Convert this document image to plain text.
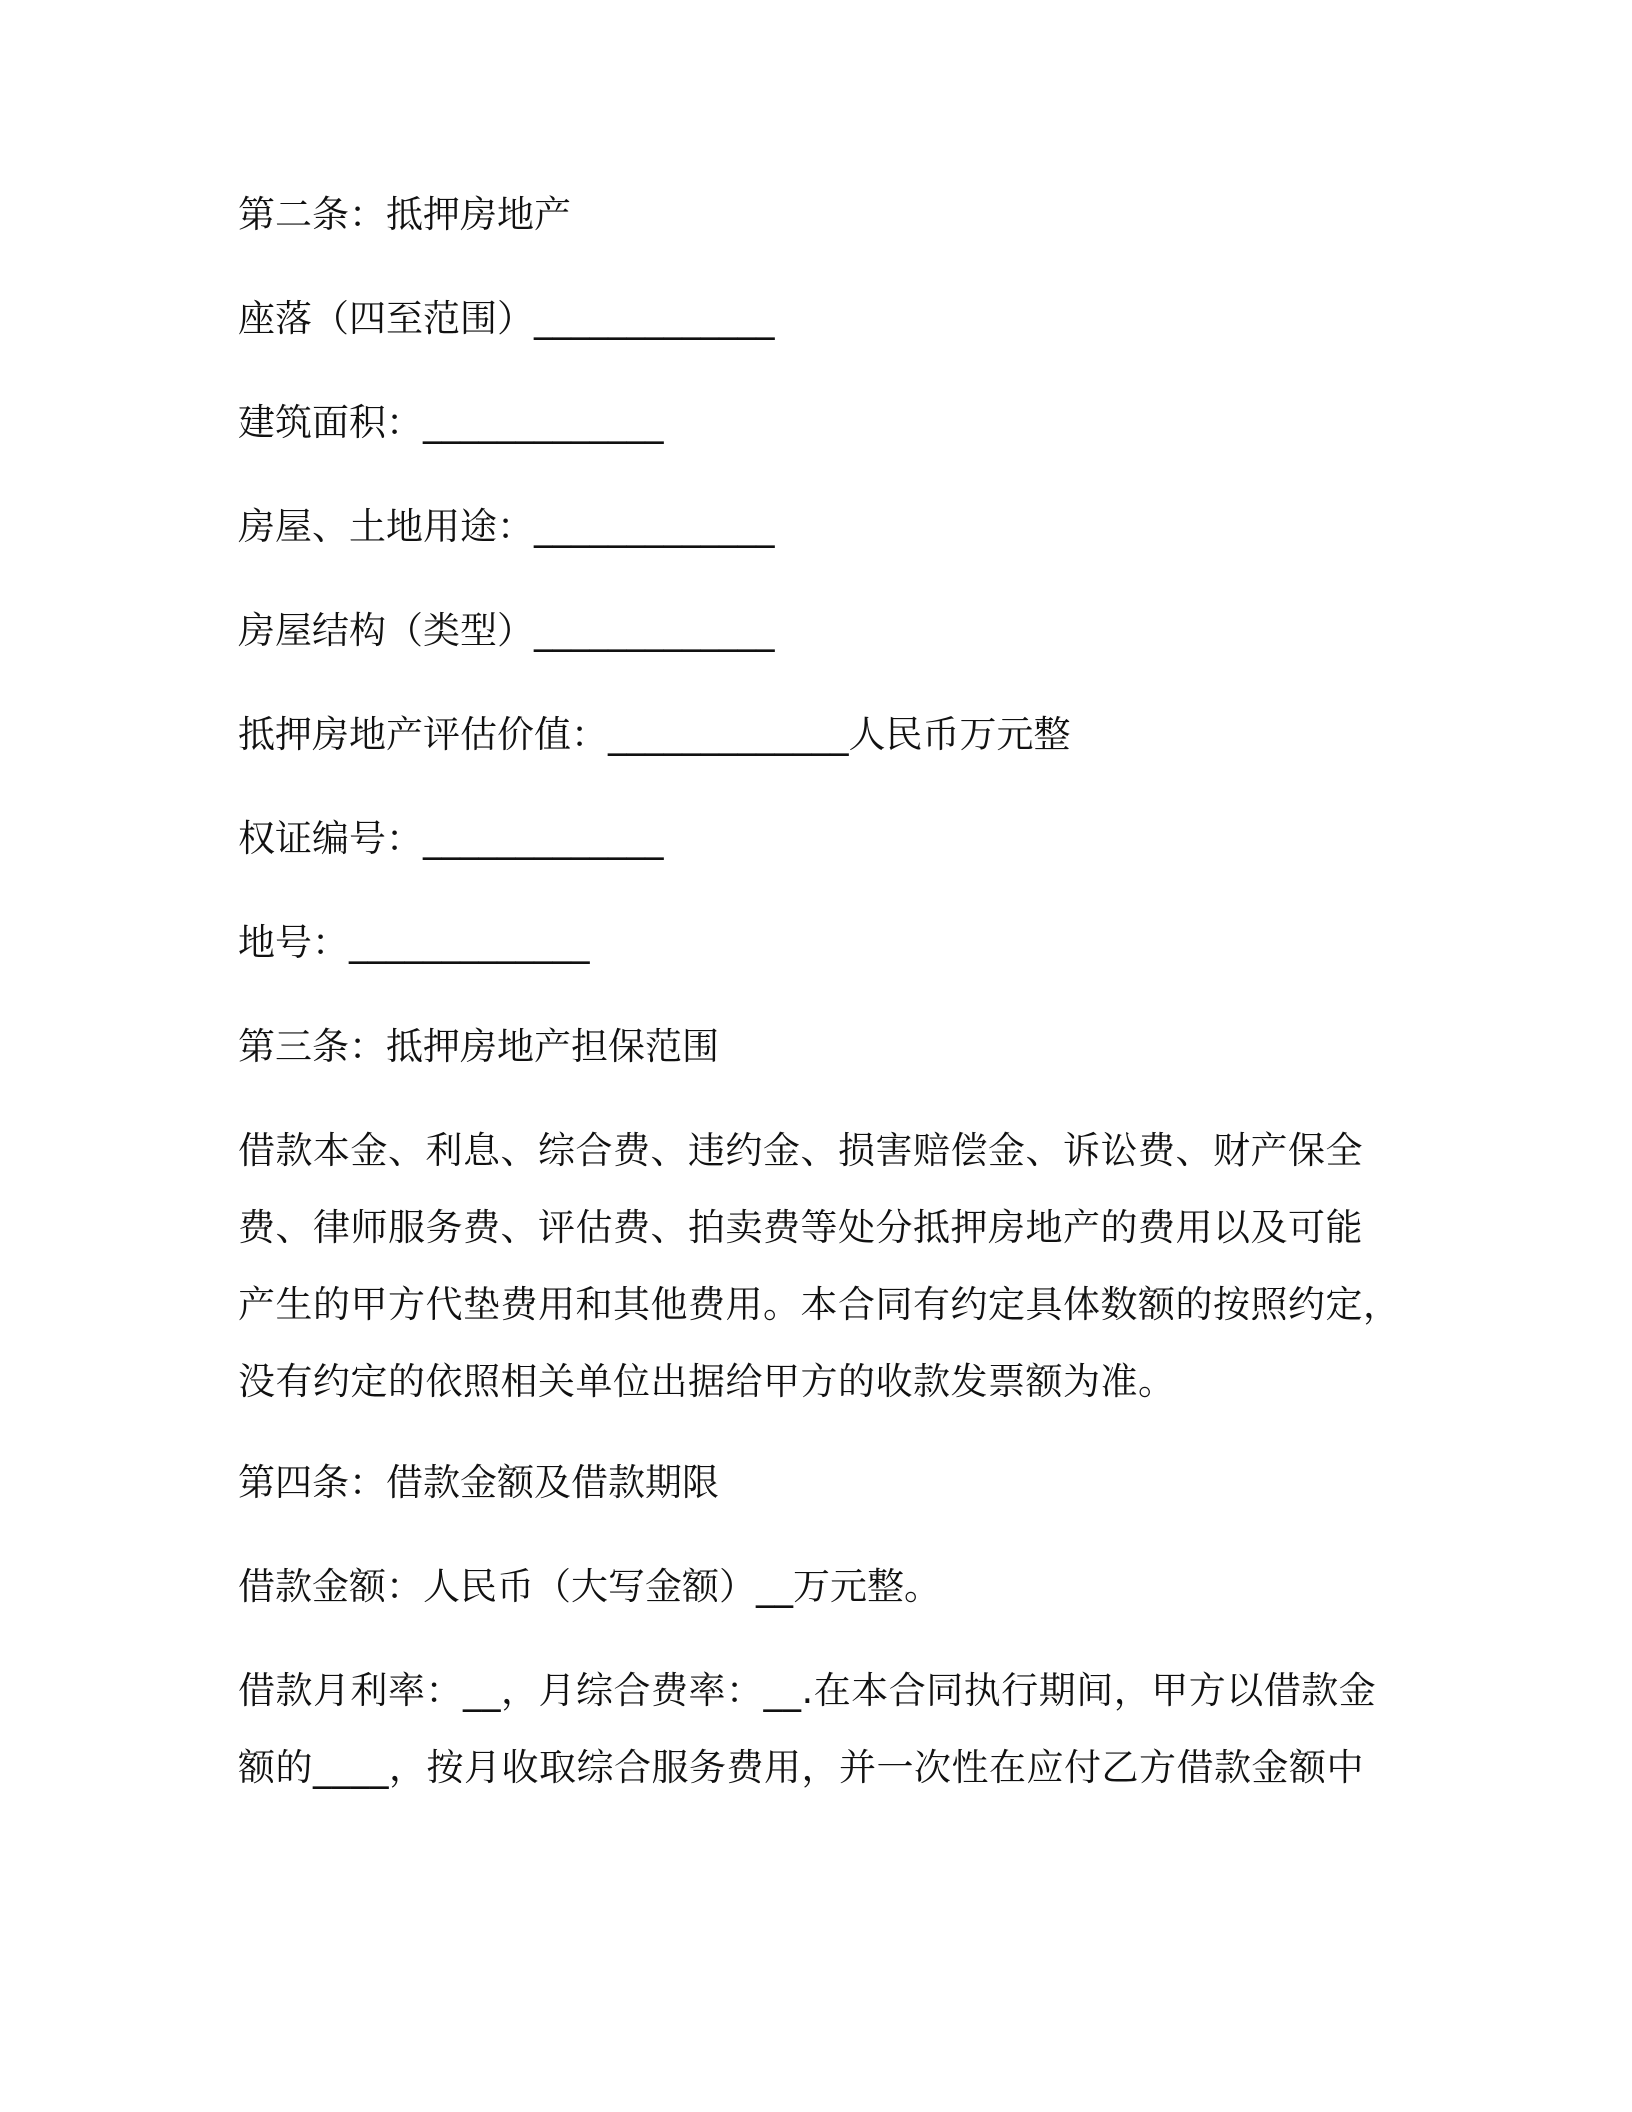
第二条：抵押房地产
座落（四至范围）_____________
建筑面积：_____________
房屋、土地用途：_____________
房屋结构（类型）_____________
抵押房地产评估价值：_____________人民币万元整
权证编号：_____________
地号：_____________
第三条：抵押房地产担保范围
借款本金、利息、综合费、违约金、损害赔偿金、诉讼费、财产保全
费、律师服务费、评估费、拍卖费等处分抵押房地产的费用以及可能
产生的甲方代垫费用和其他费用。本合同有约定具体数额的按照约定，
没有约定的依照相关单位出据给甲方的收款发票额为准。
第四条：借款金额及借款期限
借款金额：人民币（大写金额）__万元整。
借款月利率：__，月综合费率：__.在本合同执行期间，甲方以借款金
额的____，按月收取综合服务费用，并一次性在应付乙方借款金额中
